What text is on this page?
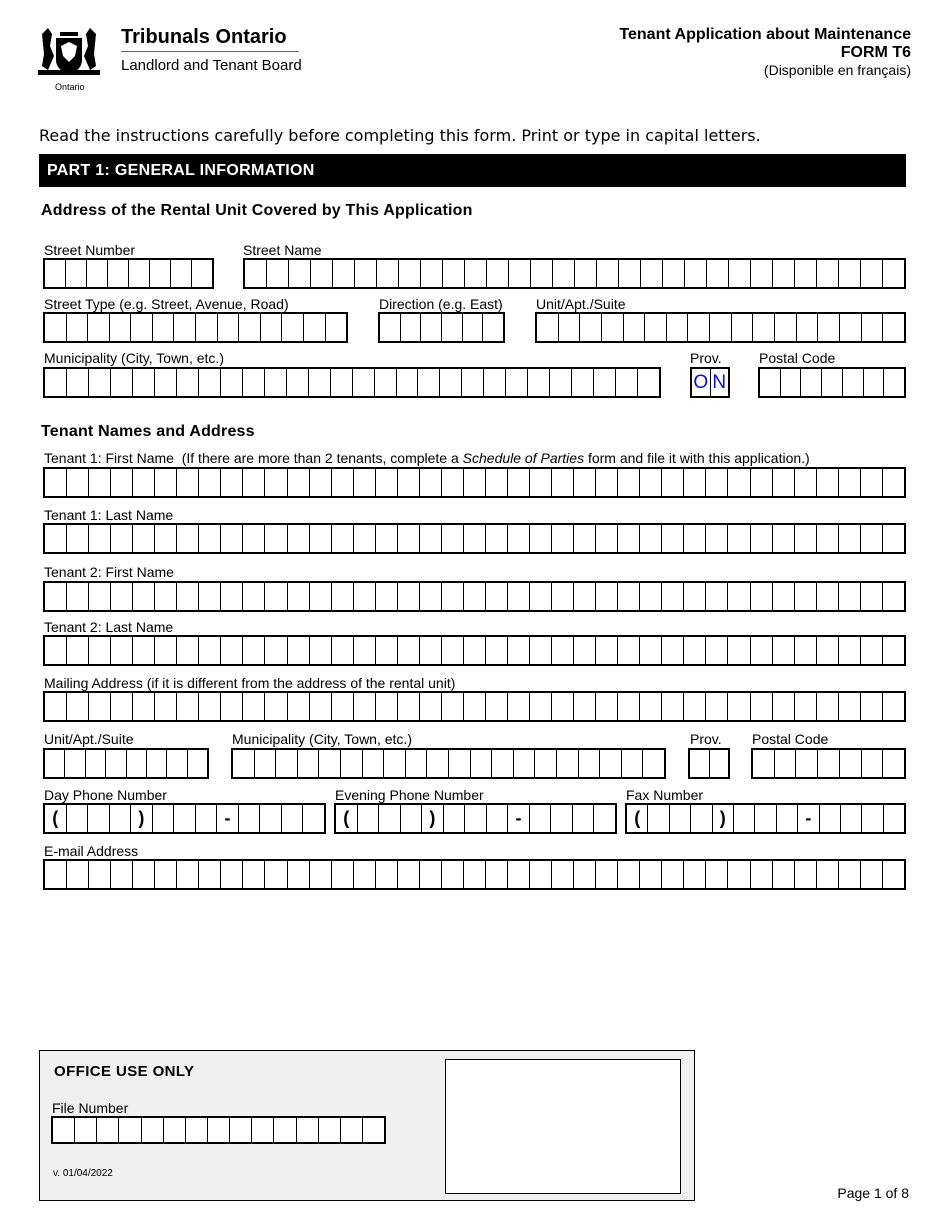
Ontario
Tribunals Ontario
Landlord and Tenant Board
Tenant Application about Maintenance
FORM T6
(Disponible en français)
Read the instructions carefully before completing this form. Print or type in capital letters.
PART 1: GENERAL INFORMATION
Address of the Rental Unit Covered by This Application
Street Number	Street Name
Street Type (e.g. Street, Avenue, Road)	Direction (e.g. East) Unit/Apt./Suite
Municipality (City, Town, etc.)	Prov.	Postal Code
O N
Tenant Names and Address
Tenant 1: First Name (If there are more than 2 tenants, complete a Schedule of Parties form and file it with this application.)
Tenant 1: Last Name
Tenant 2: First Name
Tenant 2: Last Name
Mailing Address (if it is different from the address of the rental unit)
Unit/Apt./Suite	Municipality (City, Town, etc.)	Prov. Postal Code
Day Phone Number	Evening Phone Number	Fax Number
(	)	-	(	)	-	(	)	-
E-mail Address
OFFICE USE ONLY
File Number
v. 01/04/2022
Page 1 of 8
